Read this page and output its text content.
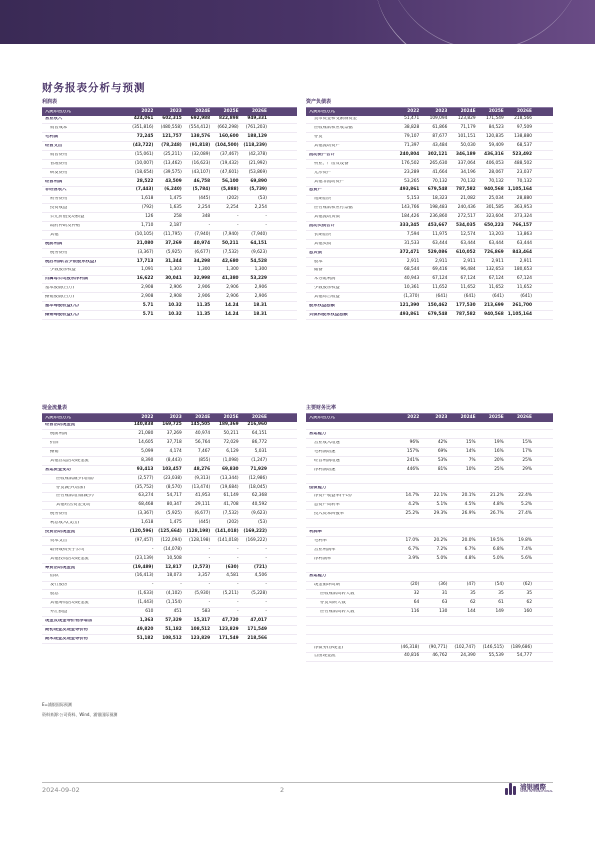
财务报表分析与预测
利润表
人民币百万元	2022	2023	2024E	2025E	2026E
营业收入	424,061	602,315	692,988	822,898	949,331
销售成本	(351,816)	(480,558)	(554,412)	(662,298)	(761,203)
毛利润	72,245	121,757	138,576	160,600	188,129
经营支出	(43,722)	(78,248)	(91,818)	(104,500)	(118,239)
销售费用	(15,061)	(25,211)	(32,089)	(37,467)	(42,378)
管理费用	(10,007)	(13,462)	(16,623)	(19,432)	(21,992)
研发费用	(18,654)	(39,575)	(43,107)	(47,601)	(53,869)
经营利润	28,522	43,509	46,758	56,100	69,890
非经营收入	(7,443)	(6,240)	(5,784)	(5,888)	(5,739)
财务费用	1,618	1,475	(445)	(202)	(53)
投资收益	(792)	1,635	2,254	2,254	2,254
公允价值变动损益	126	258	348	-	-
政府补助及补贴	1,710	2,187	-	-	-
其他	(10,105)	(11,795)	(7,940)	(7,940)	(7,940)
税前利润	21,080	37,269	40,974	50,211	64,151
税务费用	(3,367)	(5,925)	(6,677)	(7,532)	(9,623)
税后利润(含少数股东权益)	17,713	31,344	34,298	42,680	54,528
少数股东权益	1,091	1,303	1,300	1,300	1,300
归属母公司股东净利润	16,622	30,041	32,998	41,380	53,229
基本股数(百万)	2,908	2,906	2,906	2,906	2,906
摊销股数(百万)	2,908	2,908	2,906	2,906	2,906
基本每股收益(元)	5.71	10.32	11.35	14.24	18.31
摊销每股收益(元)	5.71	10.32	11.35	14.24	18.31
资产负债表
人民币百万元	2022	2023	2024E	2025E	2026E
货币资金和受限制资金	51,471	109,094	123,829	171,549	218,566
应收账款和应收票据	38,828	61,866	71,179	84,523	97,509
存货	79,107	87,677	101,151	120,835	138,880
其他流动资产	71,397	43,484	50,030	59,409	68,537
流动资产合计	240,804	302,121	346,189	436,316	523,492
物业、厂房及设备	176,502	265,630	337,064	406,053	488,502
无形资产	23,289	41,664	34,196	28,067	23,037
其他非流动资产	53,265	70,132	70,132	70,132	70,132
总资产	493,861	679,548	787,582	940,568 1,105,164
短期借贷	5,153	18,323	21,082	25,034	28,880
应付账款和应付票据	143,766	198,483	240,436	301,585	363,953
其他流动负债	184,426	236,860	272,517	323,604	373,324
流动负债合计	333,345	453,667	534,035	650,223	766,157
长期借贷	7,594	11,975	12,574	13,203	13,863
其他负债	31,533	63,444	63,444	63,444	63,444
总负债	372,471	529,086	610,052	726,869	843,464
股本	2,911	2,911	2,911	2,911	2,911
储备	68,544	69,416	96,484	132,653	180,653
未分配利润	40,943	67,124	67,124	67,124	67,124
少数股东权益	10,361	11,652	11,652	11,652	11,652
其他综合收益	(1,370)	(641)	(641)	(641)	(641)
股东权益总额	121,390	150,462	177,530	213,699	261,700
负债和股东权益总额	493,861	679,548	787,582	940,568 1,105,164
现金流量表
人民币百万元	2022	2023	2024E	2025E	2026E
经营活动现金流	140,838	169,725	145,505	189,369	216,960
税前利润	21,080	37,269	40,974	50,211	64,151
折旧	14,605	37,718	56,764	72,029	86,772
摊销	5,099	4,174	7,467	6,129	5,031
其他营运活动现金流	8,390	(8,443)	(855)	(1,098)	(1,247)
营运资金变动	93,413	103,457	48,276	69,830	71,929
应收账款减少(增加)	(2,577)	(23,038)	(9,313)	(13,344)	(12,986)
存货减少(增加)	(35,752)	(8,570)	(13,474)	(19,684)	(18,045)
应付账款增加(减少)	63,274	54,717	41,953	61,149	62,368
其他经营资金变动	68,468	80,347	29,111	41,708	40,592
税务费用	(3,367)	(5,925)	(6,677)	(7,532)	(9,623)
利息收入(支出)	1,618	1,475	(445)	(202)	(53)
投资活动现金流	(120,596)	(125,664)	(128,198)	(141,018)	(169,222)
资本支出	(97,457)	(122,094)	(128,198)	(141,018)	(169,222)
取得或购买子公司	-	(14,078)	-	-	-
其他投资活动现金流	(23,139)	10,508	-	-	-
筹资活动现金流	(19,489)	12,817	(2,573)	(630)	(721)
借款	(16,413)	18,073	3,357	4,581	4,506
发行股份	-	-	-	-	-
股息	(1,633)	(4,102)	(5,930)	(5,211)	(5,228)
其他筹资活动现金流	(1,443)	(1,154)	-	-	-
外汇损益	610	451	583	-	-
现金及现金等价物净增加	1,363	57,329	15,317	47,720	47,017
期初现金及现金等价物	49,820	51,182	108,512	123,829	171,549
期末现金及现金等价物	51,182	108,512	123,829	171,549	218,566
主要财务比率
人民币百万元	2022	2023	2024E	2025E	2026E
营运能力
营业收入增速	96%	42%	15%	19%	15%
毛利润增速	157%	69%	14%	16%	17%
经营利润增速	241%	53%	7%	20%	25%
净利润增速	446%	81%	10%	25%	29%
偿债能力
净资产收益率(平均)	14.7%	22.1%	20.1%	21.2%	22.4%
总资产周转率	4.2%	5.1%	4.5%	4.8%	5.2%
投入资本回报率	25.2%	29.3%	26.9%	26.7%	27.4%
利润率
毛利率	17.0%	20.2%	20.0%	19.5%	19.8%
营业利润率	6.7%	7.2%	6.7%	6.8%	7.4%
净利润率	3.9%	5.0%	4.8%	5.0%	5.6%
营运能力
现金循环周期	(20)	(36)	(47)	(54)	(62)
应收账款周转天数	32	31	35	35	35
存货周转天数	64	63	62	61	62
应付账款周转天数	116	130	144	149	160
净债务(净现金)	(46,318)	(90,771)	(102,747)	(146,515)	(189,686)
自由现金流	40,816	46,762	24,390	55,539	54,777
E=浦银国际预测
资料来源:公司资料、Wind、浦银国际预测
2024-09-02	2	浦银國際
SPDB INTERNATIONAL
